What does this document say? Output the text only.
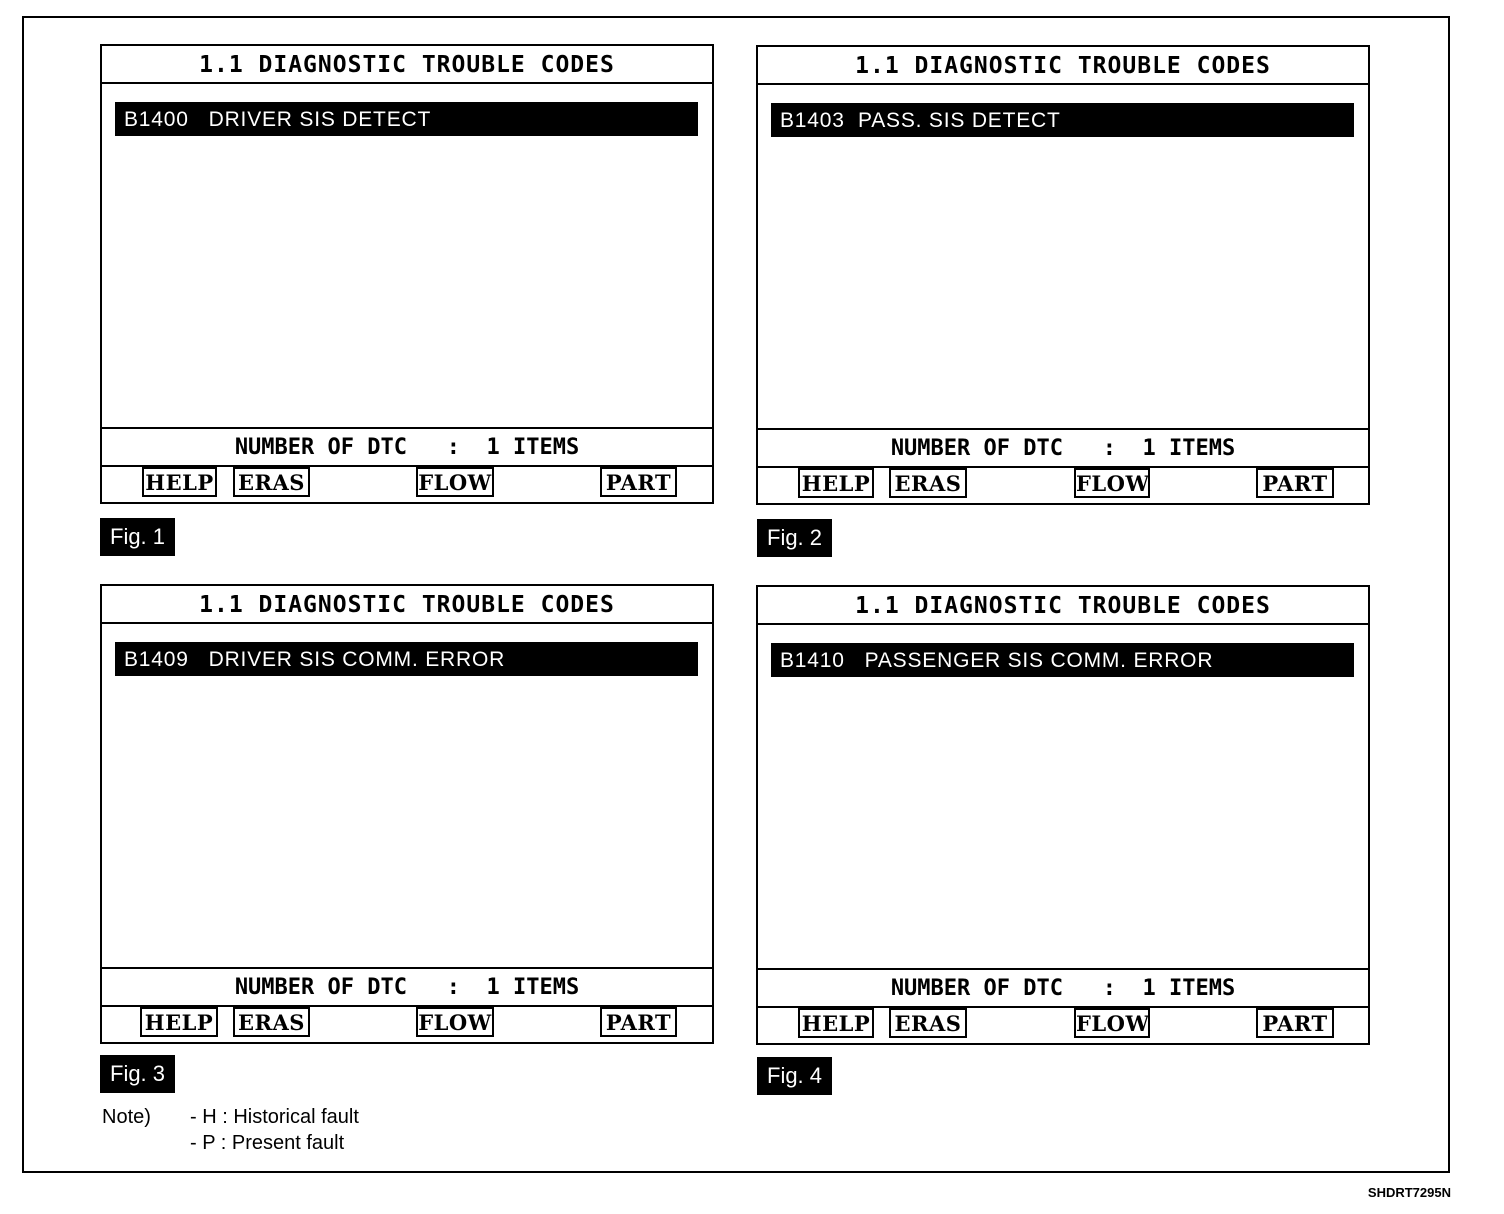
1.1 DIAGNOSTIC TROUBLE CODES
B1400   DRIVER SIS DETECT
NUMBER OF DTC   :  1 ITEMS
HELP ERAS	FLOW	PART
Fig. 1
1.1 DIAGNOSTIC TROUBLE CODES
B1403  PASS. SIS DETECT
NUMBER OF DTC   :  1 ITEMS
HELP ERAS	FLOW	PART
Fig. 2
1.1 DIAGNOSTIC TROUBLE CODES
B1409   DRIVER SIS COMM. ERROR
NUMBER OF DTC   :  1 ITEMS
HELP ERAS	FLOW	PART
Fig. 3
1.1 DIAGNOSTIC TROUBLE CODES
B1410   PASSENGER SIS COMM. ERROR
NUMBER OF DTC   :  1 ITEMS
HELP ERAS	FLOW	PART
Fig. 4
Note) - H : Historical fault
- P : Present fault
SHDRT7295N
